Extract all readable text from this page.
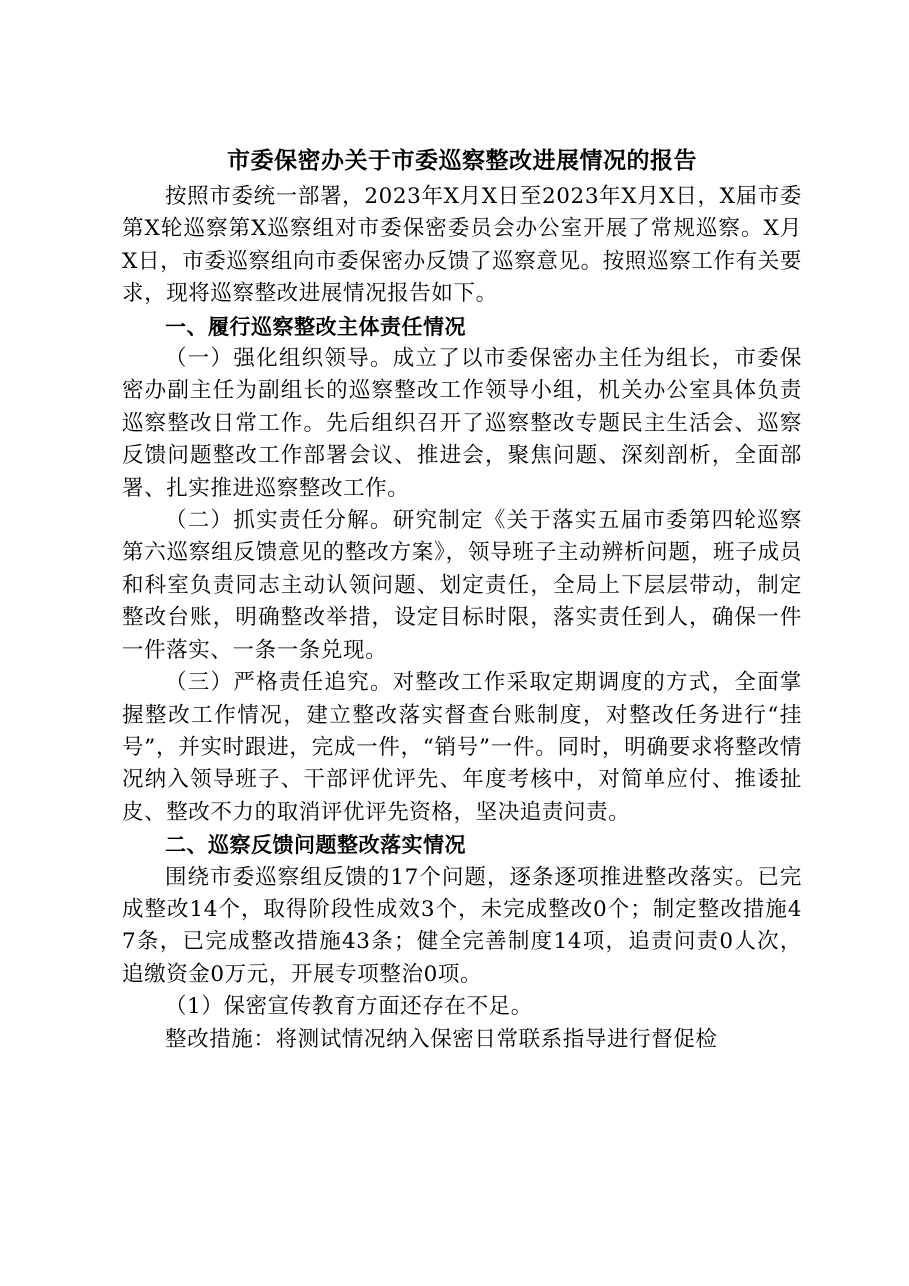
市委保密办关于市委巡察整改进展情况的报告

按照市委统一部署，2023年X月X日至2023年X月X日，X届市委第X轮巡察第X巡察组对市委保密委员会办公室开展了常规巡察。X月X日，市委巡察组向市委保密办反馈了巡察意见。按照巡察工作有关要求，现将巡察整改进展情况报告如下。

一、履行巡察整改主体责任情况

（一）强化组织领导。成立了以市委保密办主任为组长，市委保密办副主任为副组长的巡察整改工作领导小组，机关办公室具体负责巡察整改日常工作。先后组织召开了巡察整改专题民主生活会、巡察反馈问题整改工作部署会议、推进会，聚焦问题、深刻剖析，全面部署、扎实推进巡察整改工作。

（二）抓实责任分解。研究制定《关于落实五届市委第四轮巡察第六巡察组反馈意见的整改方案》，领导班子主动辨析问题，班子成员和科室负责同志主动认领问题、划定责任，全局上下层层带动，制定整改台账，明确整改举措，设定目标时限，落实责任到人，确保一件一件落实、一条一条兑现。

（三）严格责任追究。对整改工作采取定期调度的方式，全面掌握整改工作情况，建立整改落实督查台账制度，对整改任务进行“挂号”，并实时跟进，完成一件，“销号”一件。同时，明确要求将整改情况纳入领导班子、干部评优评先、年度考核中，对简单应付、推诿扯皮、整改不力的取消评优评先资格，坚决追责问责。

二、巡察反馈问题整改落实情况

围绕市委巡察组反馈的17个问题，逐条逐项推进整改落实。已完成整改14个，取得阶段性成效3个，未完成整改0个；制定整改措施47条，已完成整改措施43条；健全完善制度14项，追责问责0人次，追缴资金0万元，开展专项整治0项。

（1）保密宣传教育方面还存在不足。

整改措施：将测试情况纳入保密日常联系指导进行督促检
